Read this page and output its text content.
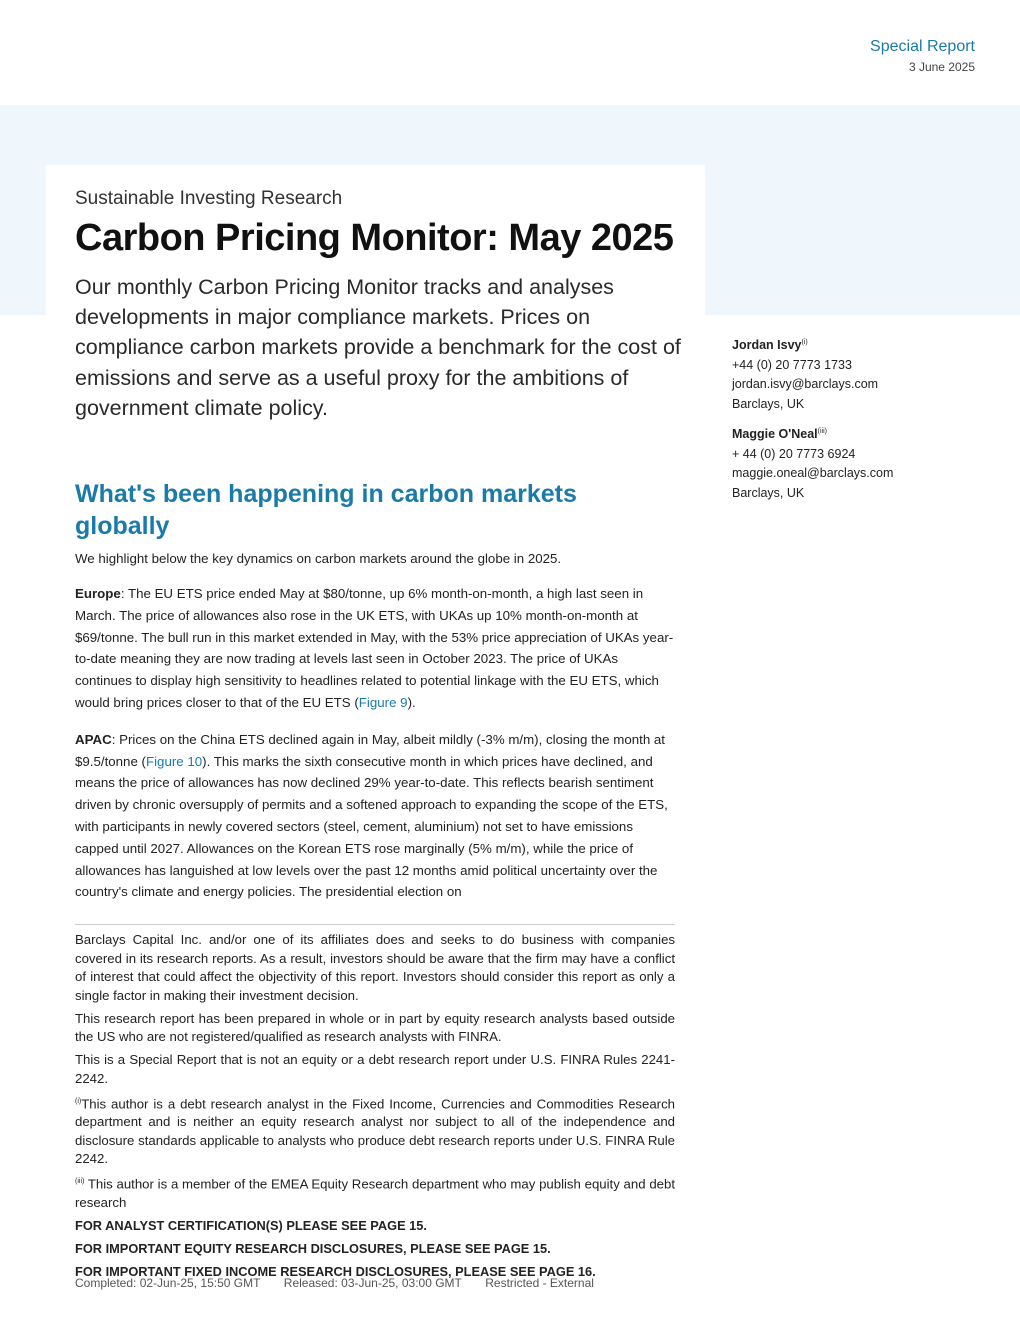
Special Report
3 June 2025
Sustainable Investing Research
Carbon Pricing Monitor: May 2025

Our monthly Carbon Pricing Monitor tracks and analyses developments in major compliance markets. Prices on compliance carbon markets provide a benchmark for the cost of emissions and serve as a useful proxy for the ambitions of government climate policy.

Jordan Isvy$^{(i)}$
+44 (0) 20 7773 1733
jordan.isvy@barclays.com
Barclays, UK
Maggie O'Neal$^{(iii)}$
+ 44 (0) 20 7773 6924
maggie.oneal@barclays.com
Barclays, UK
What's been happening in carbon markets globally

We highlight below the key dynamics on carbon markets around the globe in 2025.

Europe: The EU ETS price ended May at $80/tonne, up 6% month-on-month, a high last seen in March. The price of allowances also rose in the UK ETS, with UKAs up 10% month-on-month at $69/tonne. The bull run in this market extended in May, with the 53% price appreciation of UKAs year-to-date meaning they are now trading at levels last seen in October 2023. The price of UKAs continues to display high sensitivity to headlines related to potential linkage with the EU ETS, which would bring prices closer to that of the EU ETS (Figure 9).

APAC: Prices on the China ETS declined again in May, albeit mildly (-3% m/m), closing the month at $9.5/tonne (Figure 10). This marks the sixth consecutive month in which prices have declined, and means the price of allowances has now declined 29% year-to-date. This reflects bearish sentiment driven by chronic oversupply of permits and a softened approach to expanding the scope of the ETS, with participants in newly covered sectors (steel, cement, aluminium) not set to have emissions capped until 2027. Allowances on the Korean ETS rose marginally (5% m/m), while the price of allowances has languished at low levels over the past 12 months amid political uncertainty over the country's climate and energy policies. The presidential election on

Barclays Capital Inc. and/or one of its affiliates does and seeks to do business with companies covered in its research reports. As a result, investors should be aware that the firm may have a conflict of interest that could affect the objectivity of this report. Investors should consider this report as only a single factor in making their investment decision.

This research report has been prepared in whole or in part by equity research analysts based outside the US who are not registered/qualified as research analysts with FINRA.

This is a Special Report that is not an equity or a debt research report under U.S. FINRA Rules 2241-2242.

$^{(i)}$This author is a debt research analyst in the Fixed Income, Currencies and Commodities Research department and is neither an equity research analyst nor subject to all of the independence and disclosure standards applicable to analysts who produce debt research reports under U.S. FINRA Rule 2242.

$^{(iii)}$ This author is a member of the EMEA Equity Research department who may publish equity and debt research

FOR ANALYST CERTIFICATION(S) PLEASE SEE PAGE 15.

FOR IMPORTANT EQUITY RESEARCH DISCLOSURES, PLEASE SEE PAGE 15.

FOR IMPORTANT FIXED INCOME RESEARCH DISCLOSURES, PLEASE SEE PAGE 16.

Completed: 02-Jun-25, 15:50 GMT Released: 03-Jun-25, 03:00 GMT Restricted - External
